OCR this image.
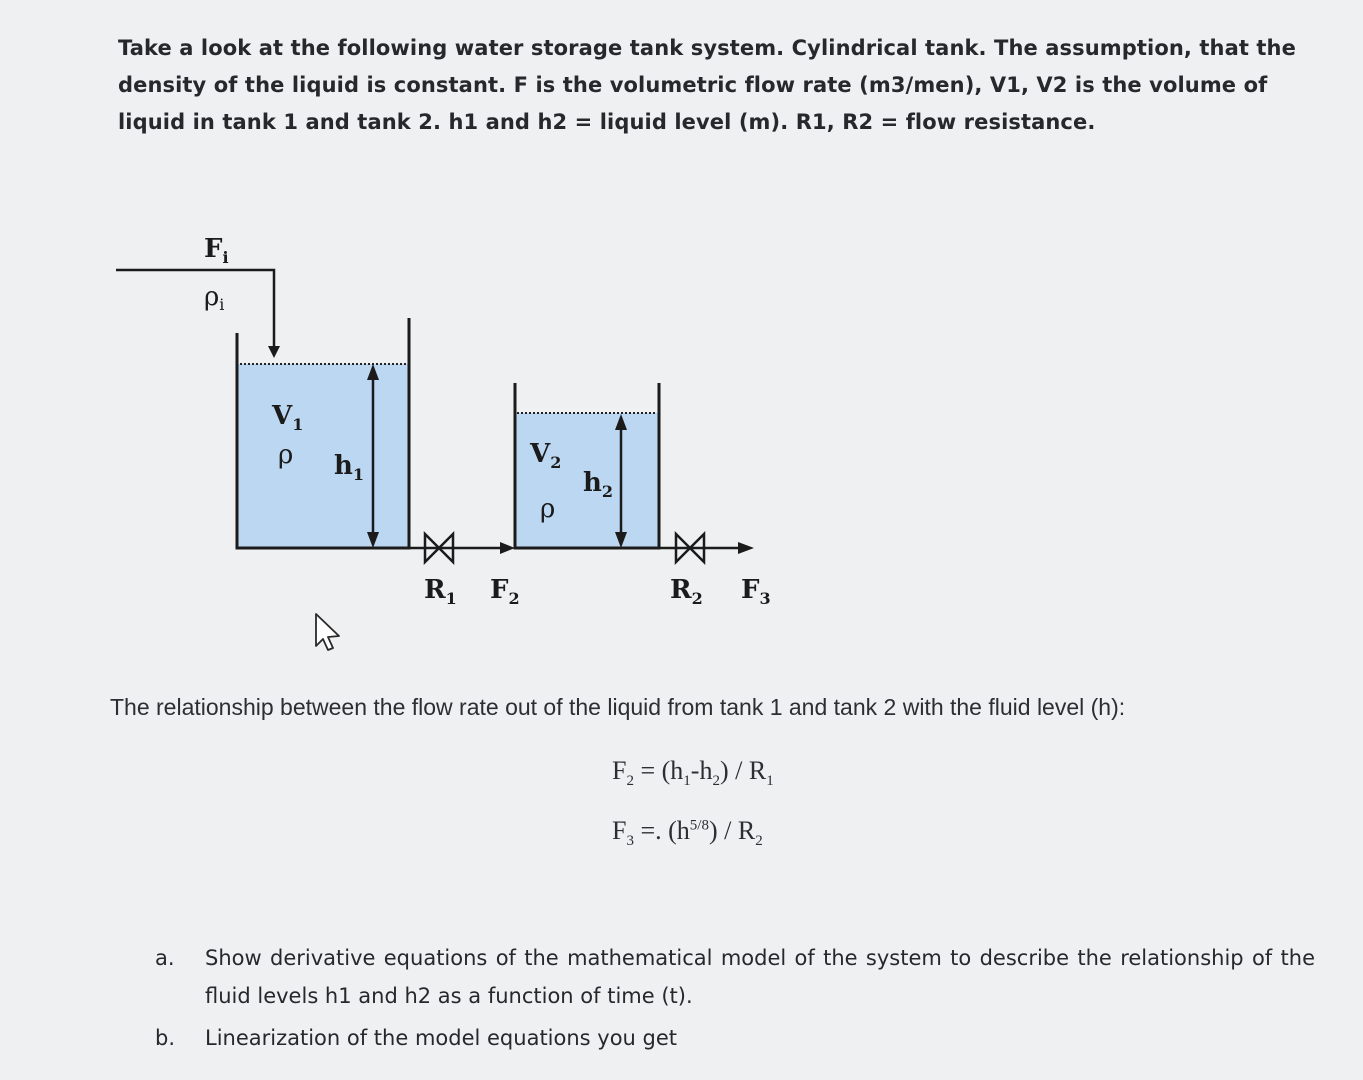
Take a look at the following water storage tank system. Cylindrical tank. The assumption, that the density of the liquid is constant. F is the volumetric flow rate (m3/men), V1, V2 is the volume of liquid in tank 1 and tank 2. h1 and h2 = liquid level (m). R1, R2 = flow resistance.
$F_i$
ρi
$V_1$
ρ $h_1$
$V_2$
ρ
$h_2$
$R_1$ $F_2$	$R_2$ $F_3$
The relationship between the flow rate out of the liquid from tank 1 and tank 2 with the fluid level (h):
$F_2 = (h_1-h_2) / R_1$
$F_3$ =. $(h^{5/8}) / R_2$
a.	Show derivative equations of the mathematical model of the system to describe the relationship of the fluid levels h1 and h2 as a function of time (t).
b.	Linearization of the model equations you get
